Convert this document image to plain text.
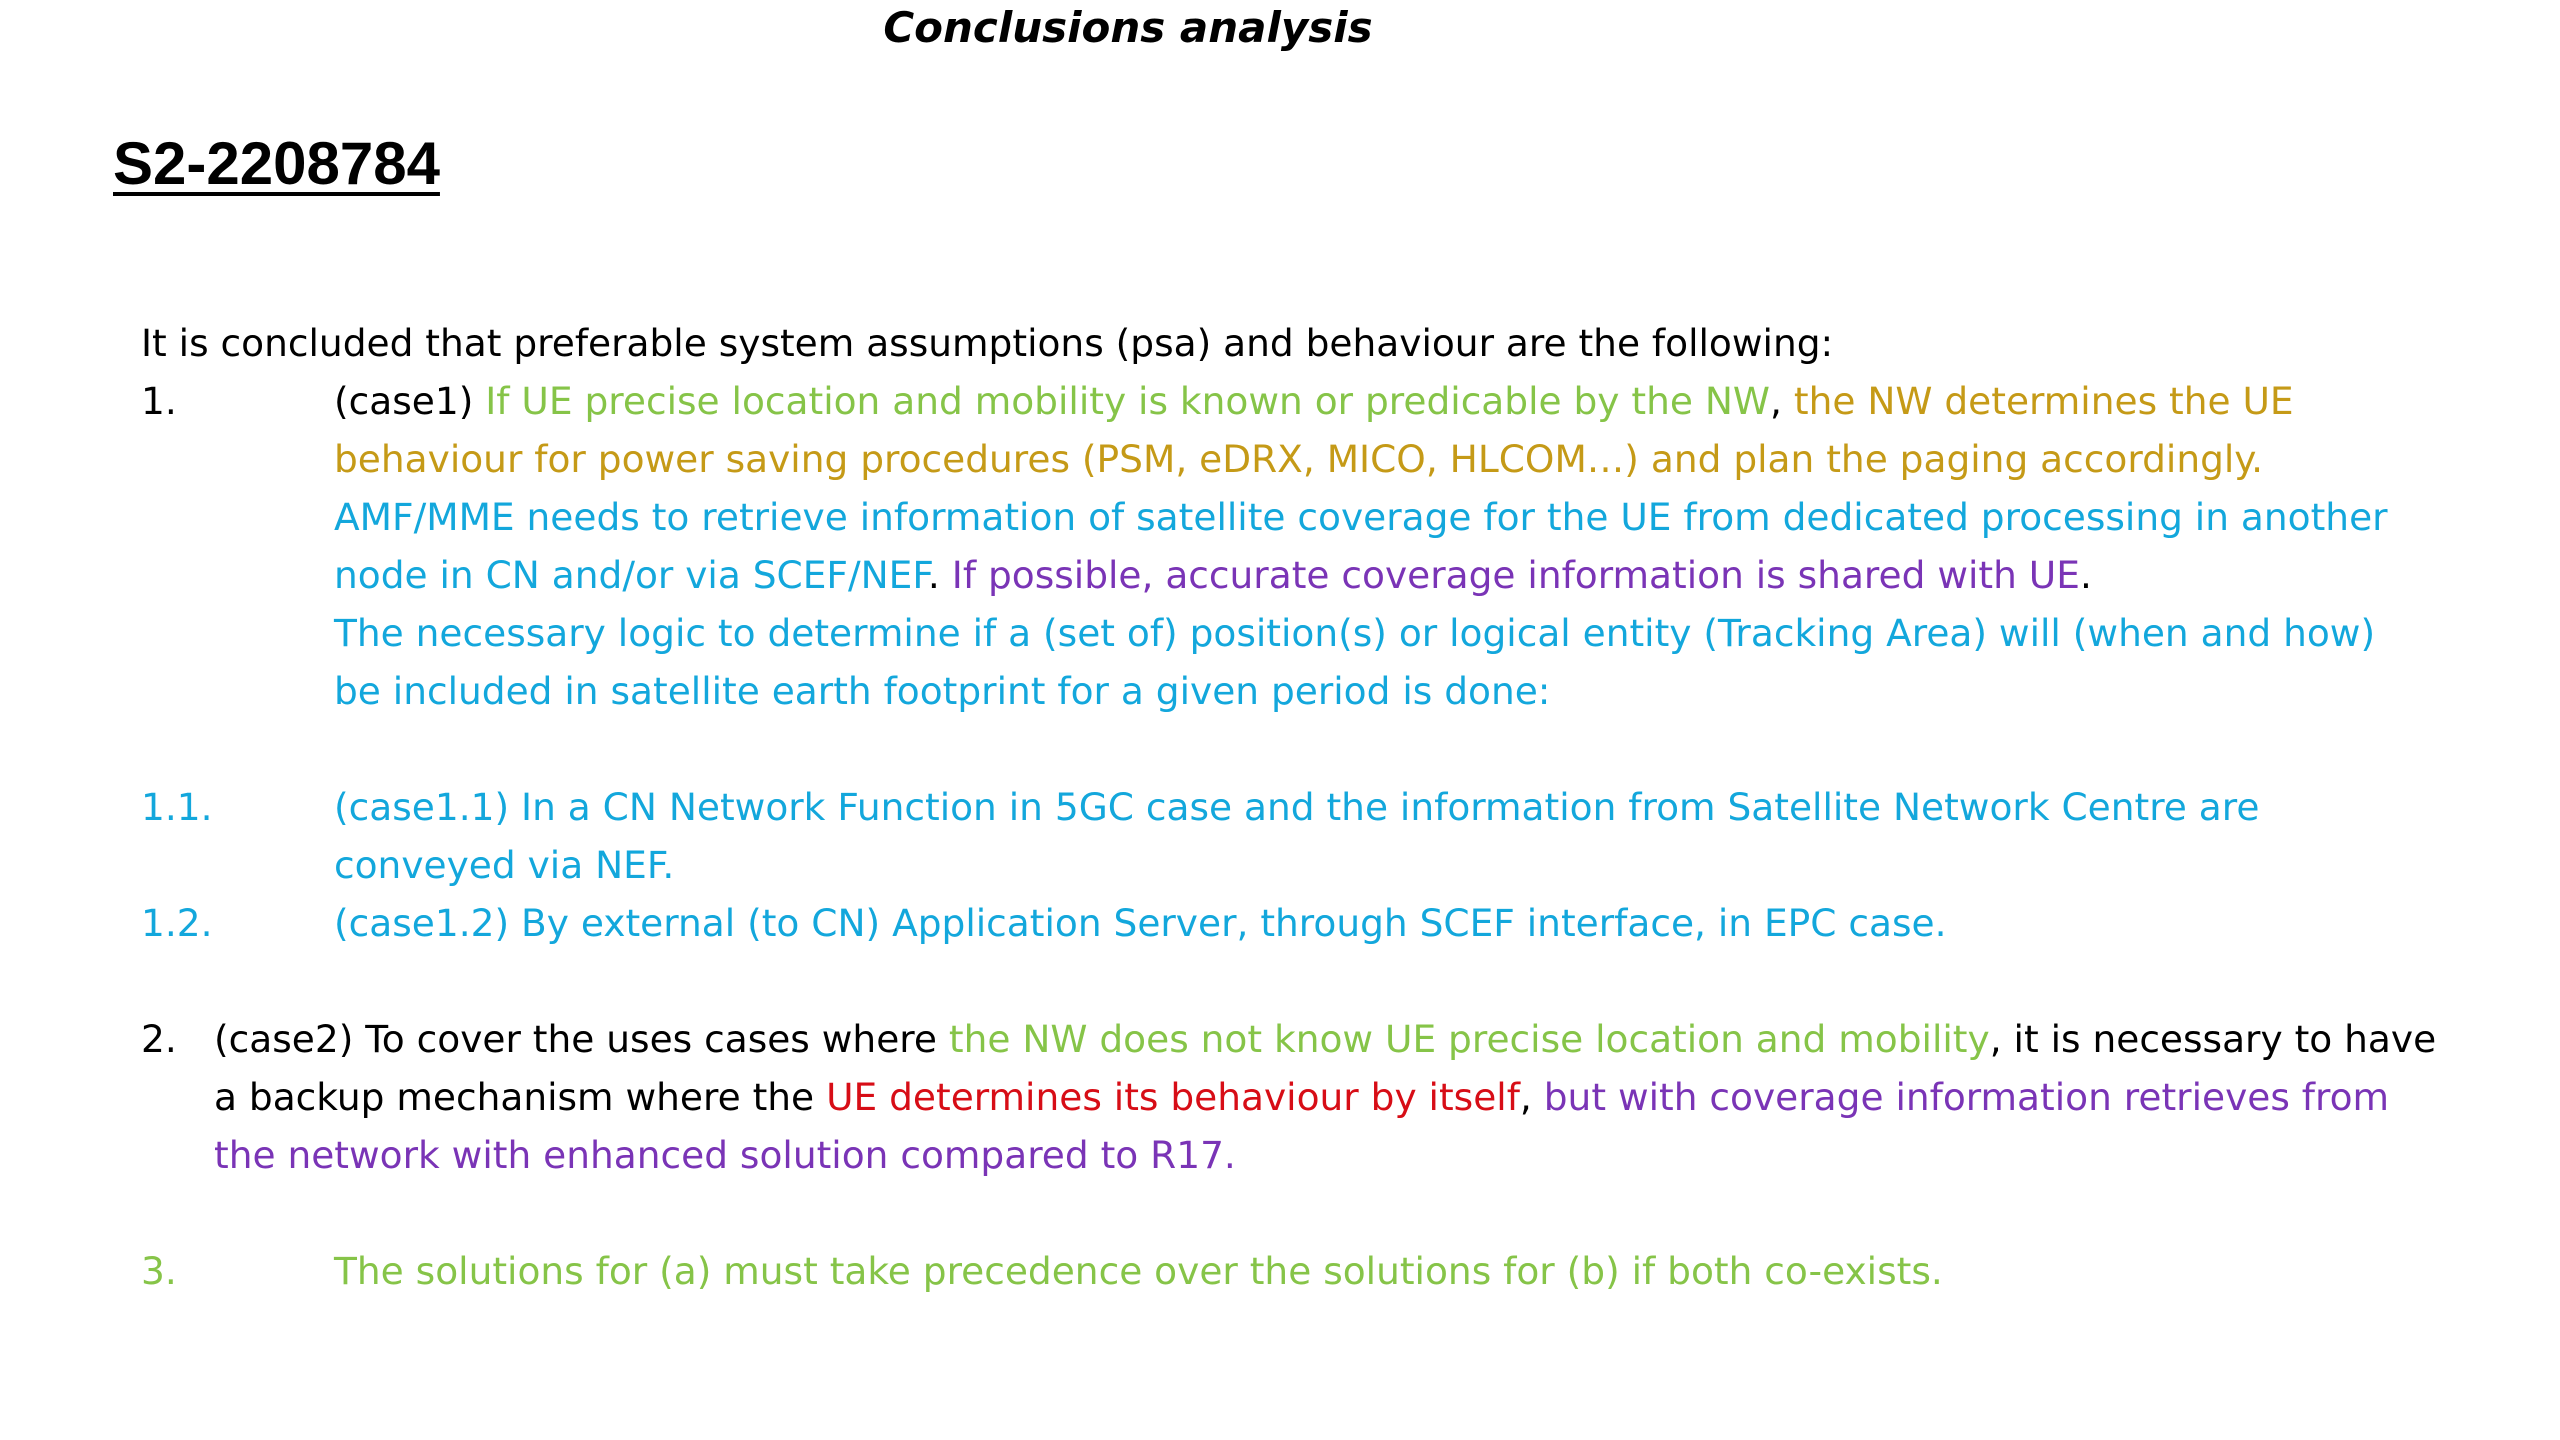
Conclusions analysis
S2-2208784

It is concluded that preferable system assumptions (psa) and behaviour are the following:

1.	(case1) If UE precise location and mobility is known or predicable by the NW, the NW determines the UE

behaviour for power saving procedures (PSM, eDRX, MICO, HLCOM…) and plan the paging accordingly.

AMF/MME needs to retrieve information of satellite coverage for the UE from dedicated processing in another

node in CN and/or via SCEF/NEF. If possible, accurate coverage information is shared with UE.

The necessary logic to determine if a (set of) position(s) or logical entity (Tracking Area) will (when and how)

be included in satellite earth footprint for a given period is done:

1.1.	(case1.1) In a CN Network Function in 5GC case and the information from Satellite Network Centre are

conveyed via NEF.

1.2.	(case1.2) By external (to CN) Application Server, through SCEF interface, in EPC case.

2. (case2) To cover the uses cases where the NW does not know UE precise location and mobility, it is necessary to have

a backup mechanism where the UE determines its behaviour by itself, but with coverage information retrieves from

the network with enhanced solution compared to R17.

3.	The solutions for (a) must take precedence over the solutions for (b) if both co-exists.
